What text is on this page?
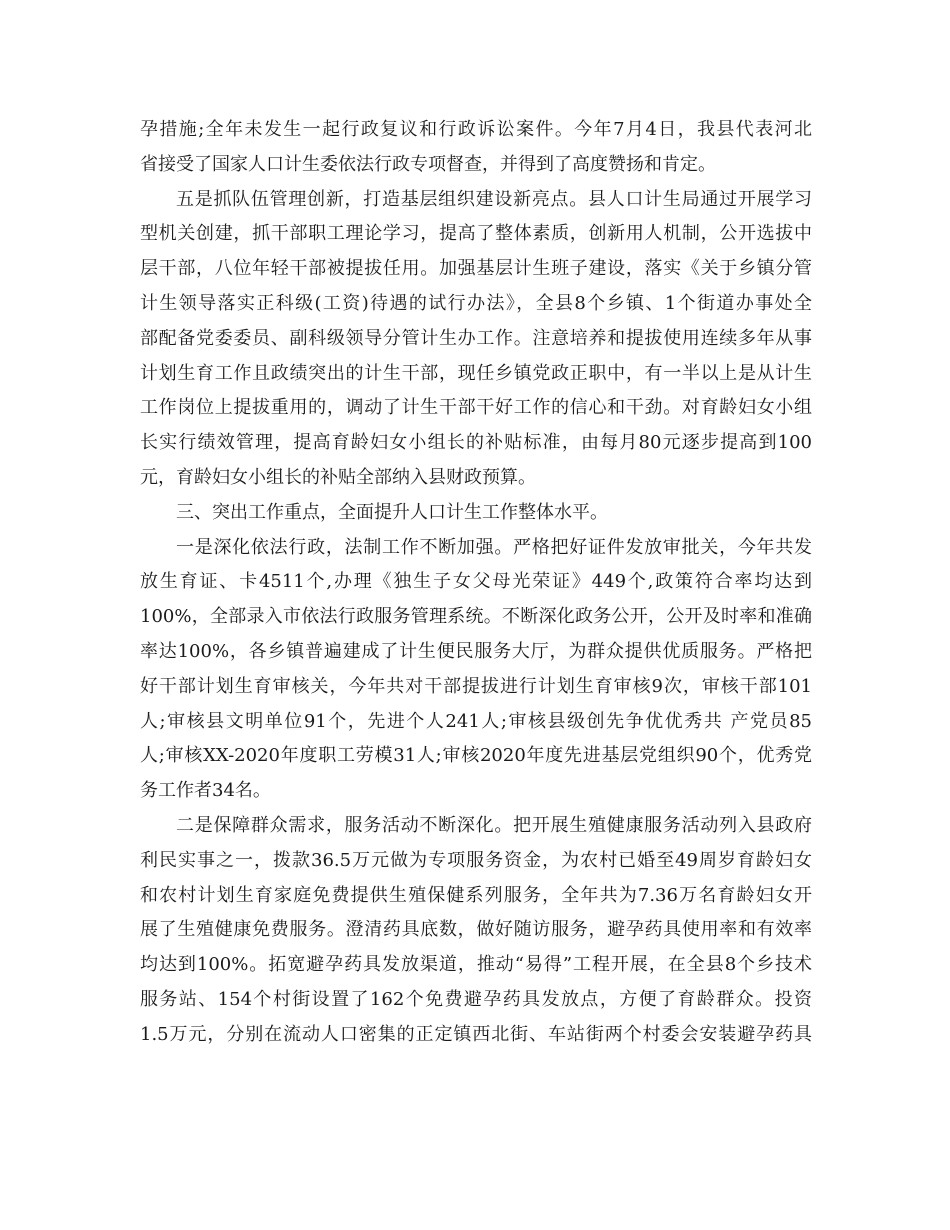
孕措施;全年未发生一起行政复议和行政诉讼案件。今年7月4日，我县代表河北
省接受了国家人口计生委依法行政专项督查，并得到了高度赞扬和肯定。
五是抓队伍管理创新，打造基层组织建设新亮点。县人口计生局通过开展学习
型机关创建，抓干部职工理论学习，提高了整体素质，创新用人机制，公开选拔中
层干部，八位年轻干部被提拔任用。加强基层计生班子建设，落实《关于乡镇分管
计生领导落实正科级(工资)待遇的试行办法》，全县8个乡镇、1个街道办事处全
部配备党委委员、副科级领导分管计生办工作。注意培养和提拔使用连续多年从事
计划生育工作且政绩突出的计生干部，现任乡镇党政正职中，有一半以上是从计生
工作岗位上提拔重用的，调动了计生干部干好工作的信心和干劲。对育龄妇女小组
长实行绩效管理，提高育龄妇女小组长的补贴标准，由每月80元逐步提高到100
元，育龄妇女小组长的补贴全部纳入县财政预算。
三、突出工作重点，全面提升人口计生工作整体水平。
一是深化依法行政，法制工作不断加强。严格把好证件发放审批关，今年共发
放生育证、卡4511个,办理《独生子女父母光荣证》449个,政策符合率均达到
100%，全部录入市依法行政服务管理系统。不断深化政务公开，公开及时率和准确
率达100%，各乡镇普遍建成了计生便民服务大厅，为群众提供优质服务。严格把
好干部计划生育审核关，今年共对干部提拔进行计划生育审核9次，审核干部101
人;审核县文明单位91个，先进个人241人;审核县级创先争优优秀共 产党员85
人;审核XX-2020年度职工劳模31人;审核2020年度先进基层党组织90个，优秀党
务工作者34名。
二是保障群众需求，服务活动不断深化。把开展生殖健康服务活动列入县政府
利民实事之一，拨款36.5万元做为专项服务资金，为农村已婚至49周岁育龄妇女
和农村计划生育家庭免费提供生殖保健系列服务，全年共为7.36万名育龄妇女开
展了生殖健康免费服务。澄清药具底数，做好随访服务，避孕药具使用率和有效率
均达到100%。拓宽避孕药具发放渠道，推动“易得”工程开展，在全县8个乡技术
服务站、154个村街设置了162个免费避孕药具发放点，方便了育龄群众。投资
1.5万元，分别在流动人口密集的正定镇西北街、车站街两个村委会安装避孕药具
